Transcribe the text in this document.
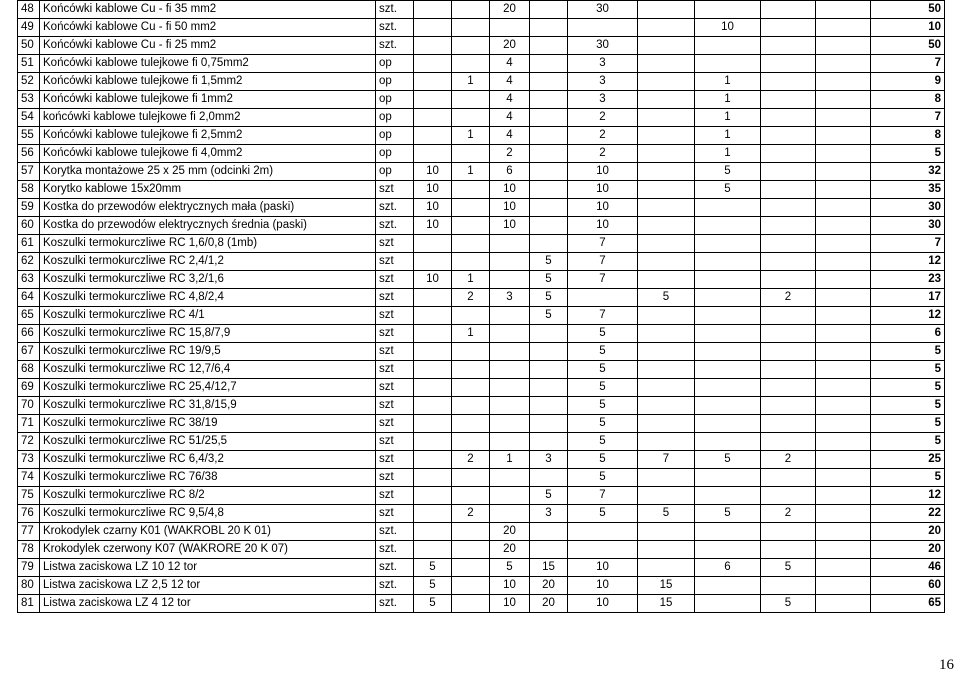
48	Końcówki kablowe Cu - fi 35 mm2	szt.			20		30					50
49	Końcówki kablowe Cu - fi 50 mm2	szt.							10			10
50	Końcówki kablowe Cu - fi 25 mm2	szt.			20		30					50
51	Końcówki kablowe tulejkowe fi 0,75mm2	op			4		3					7
52	Końcówki kablowe tulejkowe fi 1,5mm2	op		1	4		3		1			9
53	Końcówki kablowe tulejkowe fi 1mm2	op			4		3		1			8
54	końcówki kablowe tulejkowe fi 2,0mm2	op			4		2		1			7
55	Końcówki kablowe tulejkowe fi 2,5mm2	op		1	4		2		1			8
56	Końcówki kablowe tulejkowe fi 4,0mm2	op			2		2		1			5
57	Korytka montażowe 25 x 25 mm (odcinki 2m)	op	10	1	6		10		5			32
58	Korytko kablowe 15x20mm	szt	10		10		10		5			35
59	Kostka do przewodów elektrycznych mała (paski)	szt.	10		10		10					30
60	Kostka do przewodów elektrycznych średnia (paski)	szt.	10		10		10					30
61	Koszulki termokurczliwe RC 1,6/0,8 (1mb)	szt					7					7
62	Koszulki termokurczliwe RC 2,4/1,2	szt				5	7					12
63	Koszulki termokurczliwe RC 3,2/1,6	szt	10	1		5	7					23
64	Koszulki termokurczliwe RC 4,8/2,4	szt		2	3	5		5		2		17
65	Koszulki termokurczliwe RC 4/1	szt				5	7					12
66	Koszulki termokurczliwe RC 15,8/7,9	szt		1			5					6
67	Koszulki termokurczliwe RC 19/9,5	szt					5					5
68	Koszulki termokurczliwe RC 12,7/6,4	szt					5					5
69	Koszulki termokurczliwe RC 25,4/12,7	szt					5					5
70	Koszulki termokurczliwe RC 31,8/15,9	szt					5					5
71	Koszulki termokurczliwe RC 38/19	szt					5					5
72	Koszulki termokurczliwe RC 51/25,5	szt					5					5
73	Koszulki termokurczliwe RC 6,4/3,2	szt		2	1	3	5	7	5	2		25
74	Koszulki termokurczliwe RC 76/38	szt					5					5
75	Koszulki termokurczliwe RC 8/2	szt				5	7					12
76	Koszulki termokurczliwe RC 9,5/4,8	szt		2		3	5	5	5	2		22
77	Krokodylek czarny K01 (WAKROBL 20 K 01)	szt.			20							20
78	Krokodylek czerwony K07 (WAKRORE 20 K 07)	szt.			20							20
79	Listwa zaciskowa LZ 10 12 tor	szt.	5		5	15	10		6	5		46
80	Listwa zaciskowa LZ 2,5 12 tor	szt.	5		10	20	10	15				60
81	Listwa zaciskowa LZ 4 12 tor	szt.	5		10	20	10	15		5		65
16
